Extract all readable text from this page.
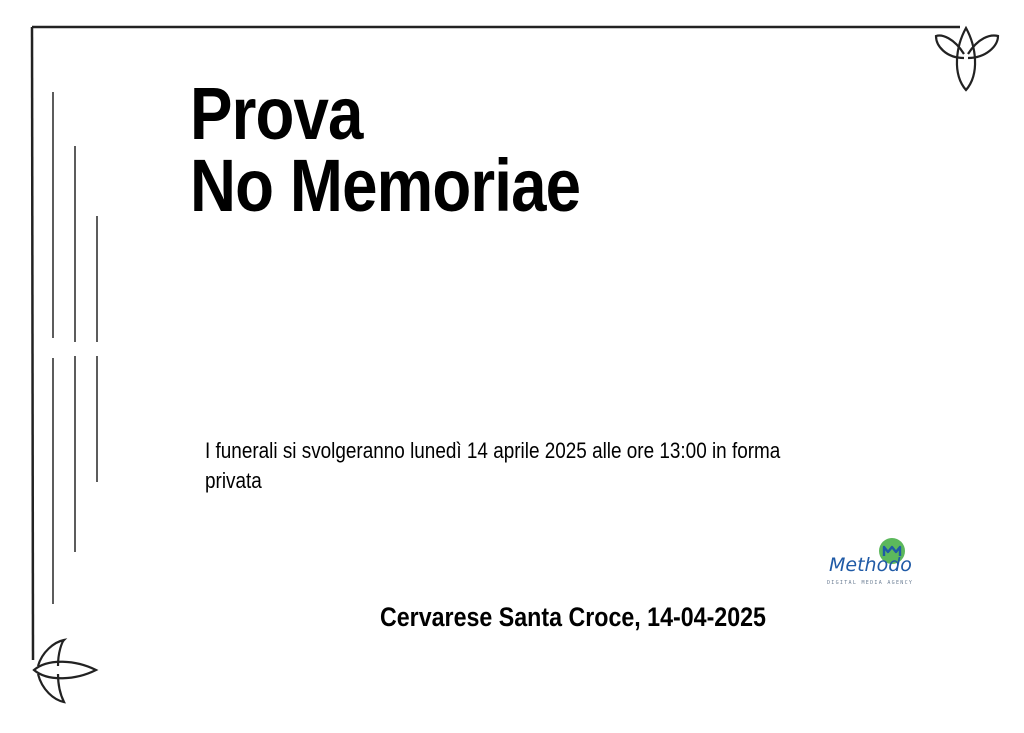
Prova
No Memoriae
I funerali si svolgeranno lunedì 14 aprile 2025 alle ore 13:00 in forma privata
Methodo
DIGITAL MEDIA AGENCY
Cervarese Santa Croce, 14-04-2025
